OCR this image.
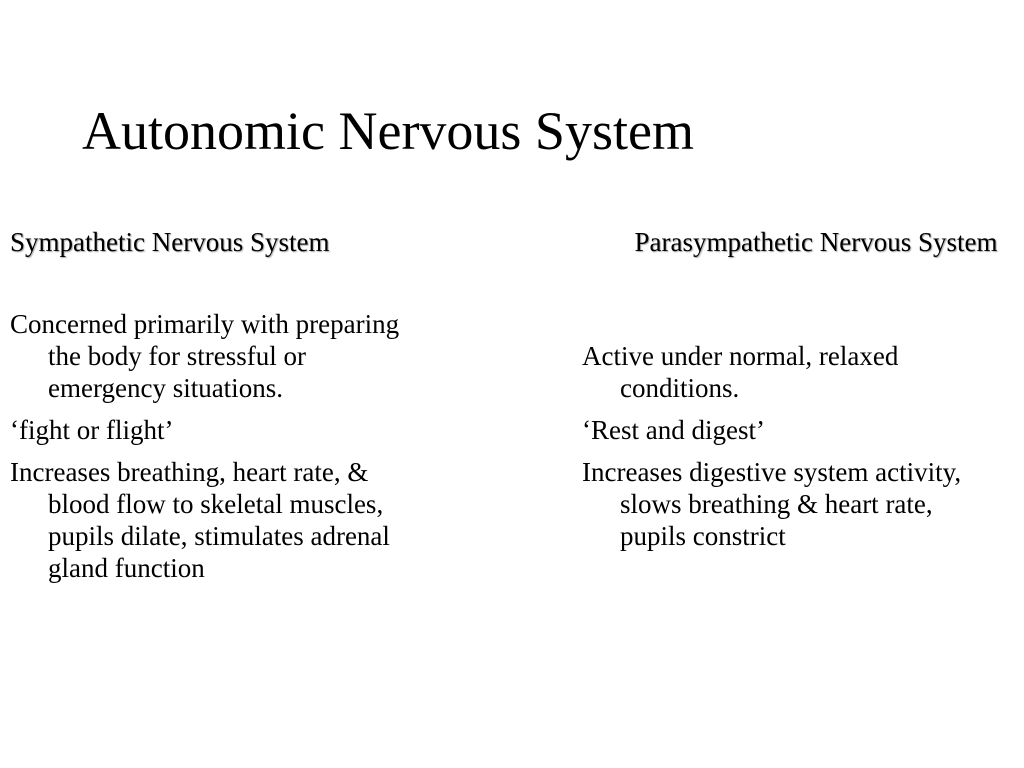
Autonomic Nervous System
Sympathetic Nervous System
Concerned primarily with preparing the body for stressful or emergency situations.
‘fight or flight’
Increases breathing, heart rate, & blood flow to skeletal muscles, pupils dilate, stimulates adrenal gland function
Parasympathetic Nervous System
Active under normal, relaxed conditions.
‘Rest and digest’
Increases digestive system activity, slows breathing & heart rate, pupils constrict
